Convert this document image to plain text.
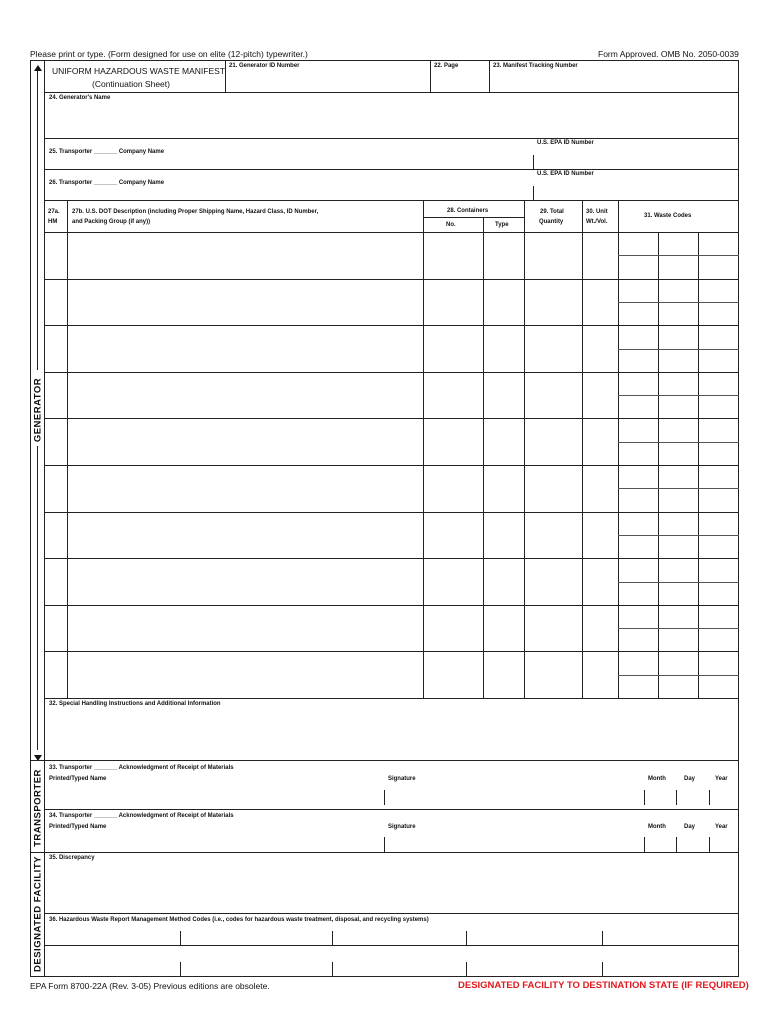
Please print or type. (Form designed for use on elite (12-pitch) typewriter.)	Form Approved. OMB No. 2050-0039
GENERATOR
TRANSPORTER
DESIGNATED FACILITY
UNIFORM HAZARDOUS WASTE MANIFEST
(Continuation Sheet)
21. Generator ID Number	22. Page	23. Manifest Tracking Number
24. Generator's Name
25. Transporter _______ Company Name
U.S. EPA ID Number
26. Transporter _______ Company Name
U.S. EPA ID Number
27a.
HM
27b. U.S. DOT Description (including Proper Shipping Name, Hazard Class, ID Number,
and Packing Group (if any))
28. Containers
No.	Type
29. Total
Quantity
30. Unit
Wt./Vol.
31. Waste Codes
32. Special Handling Instructions and Additional Information
33. Transporter _______ Acknowledgment of Receipt of Materials
Printed/Typed Name	Signature	Month	Day	Year
34. Transporter _______ Acknowledgment of Receipt of Materials
Printed/Typed Name	Signature	Month	Day	Year
35. Discrepancy
36. Hazardous Waste Report Management Method Codes (i.e., codes for hazardous waste treatment, disposal, and recycling systems)
EPA Form 8700-22A (Rev. 3-05) Previous editions are obsolete.	DESIGNATED FACILITY TO DESTINATION STATE (IF REQUIRED)
